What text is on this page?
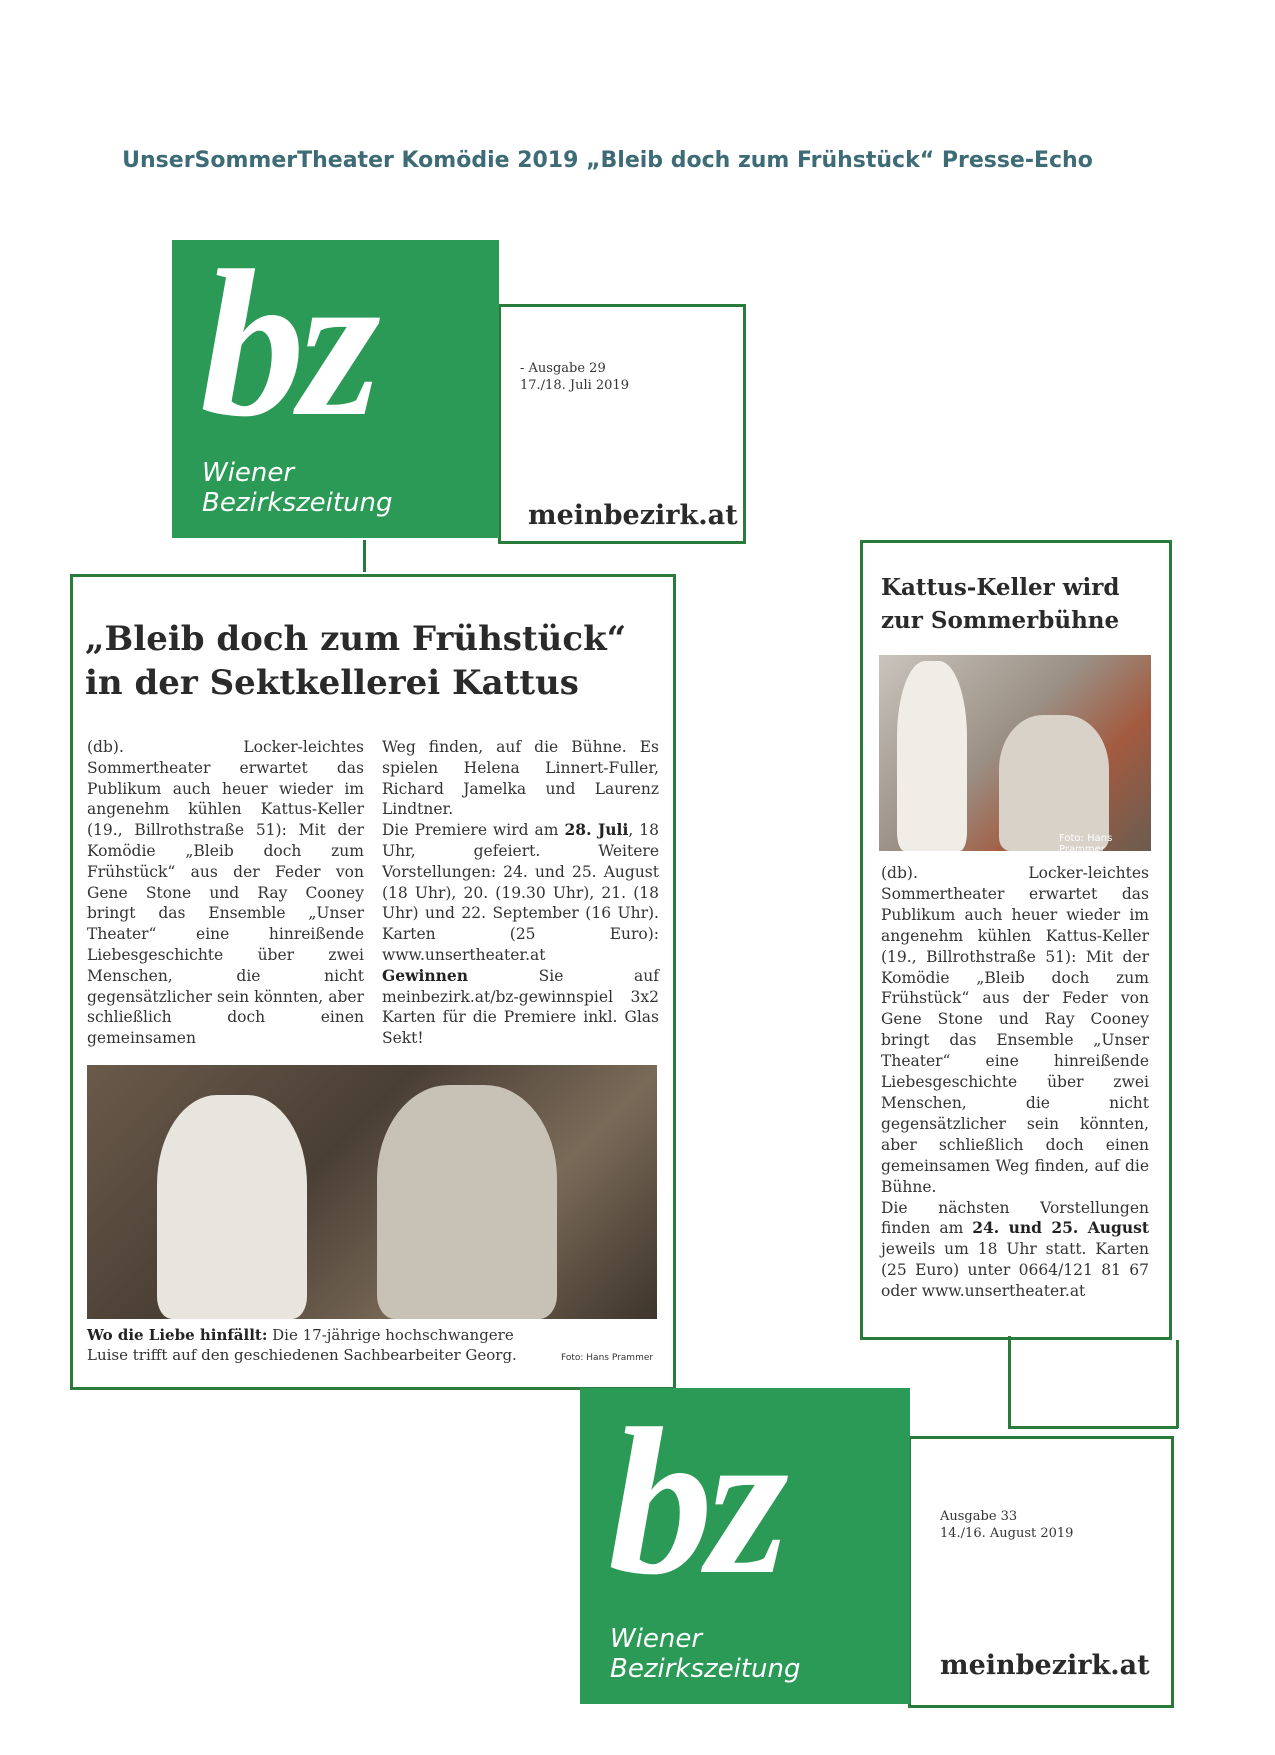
UnserSommerTheater Komödie 2019 „Bleib doch zum Frühstück“ Presse-Echo
bz
Wiener
Bezirkszeitung
- Ausgabe 29
17./18. Juli 2019
meinbezirk.at
„Bleib doch zum Frühstück“
in der Sektkellerei Kattus

(db). Locker-leichtes Sommertheater erwartet das Publikum auch heuer wieder im angenehm kühlen Kattus-Keller (19., Billrothstraße 51): Mit der Komödie „Bleib doch zum Frühstück“ aus der Feder von Gene Stone und Ray Cooney bringt das Ensemble „Unser Theater“ eine hinreißende Liebesgeschichte über zwei Menschen, die nicht gegensätzlicher sein könnten, aber schließlich doch einen gemeinsamen

Weg finden, auf die Bühne. Es spielen Helena Linnert-Fuller, Richard Jamelka und Laurenz Lindtner.

Die Premiere wird am 28. Juli, 18 Uhr, gefeiert. Weitere Vorstellungen: 24. und 25. August (18 Uhr), 20. (19.30 Uhr), 21. (18 Uhr) und 22. September (16 Uhr). Karten (25 Euro): www.unsertheater.at

Gewinnen Sie auf meinbezirk.at/bz-gewinnspiel 3x2 Karten für die Premiere inkl. Glas Sekt!

Wo die Liebe hinfällt: Die 17-jährige hochschwangere Luise trifft auf den geschiedenen Sachbearbeiter Georg.	Foto: Hans Prammer
Kattus-Keller wird
zur Sommerbühne
Foto: Hans Prammer

(db). Locker-leichtes Sommertheater erwartet das Publikum auch heuer wieder im angenehm kühlen Kattus-Keller (19., Billrothstraße 51): Mit der Komödie „Bleib doch zum Frühstück“ aus der Feder von Gene Stone und Ray Cooney bringt das Ensemble „Unser Theater“ eine hinreißende Liebesgeschichte über zwei Menschen, die nicht gegensätzlicher sein könnten, aber schließlich doch einen gemeinsamen Weg finden, auf die Bühne.

Die nächsten Vorstellungen finden am 24. und 25. August jeweils um 18 Uhr statt. Karten (25 Euro) unter 0664/121 81 67 oder www.unsertheater.at

bz
Wiener
Bezirkszeitung
Ausgabe 33
14./16. August 2019
meinbezirk.at
